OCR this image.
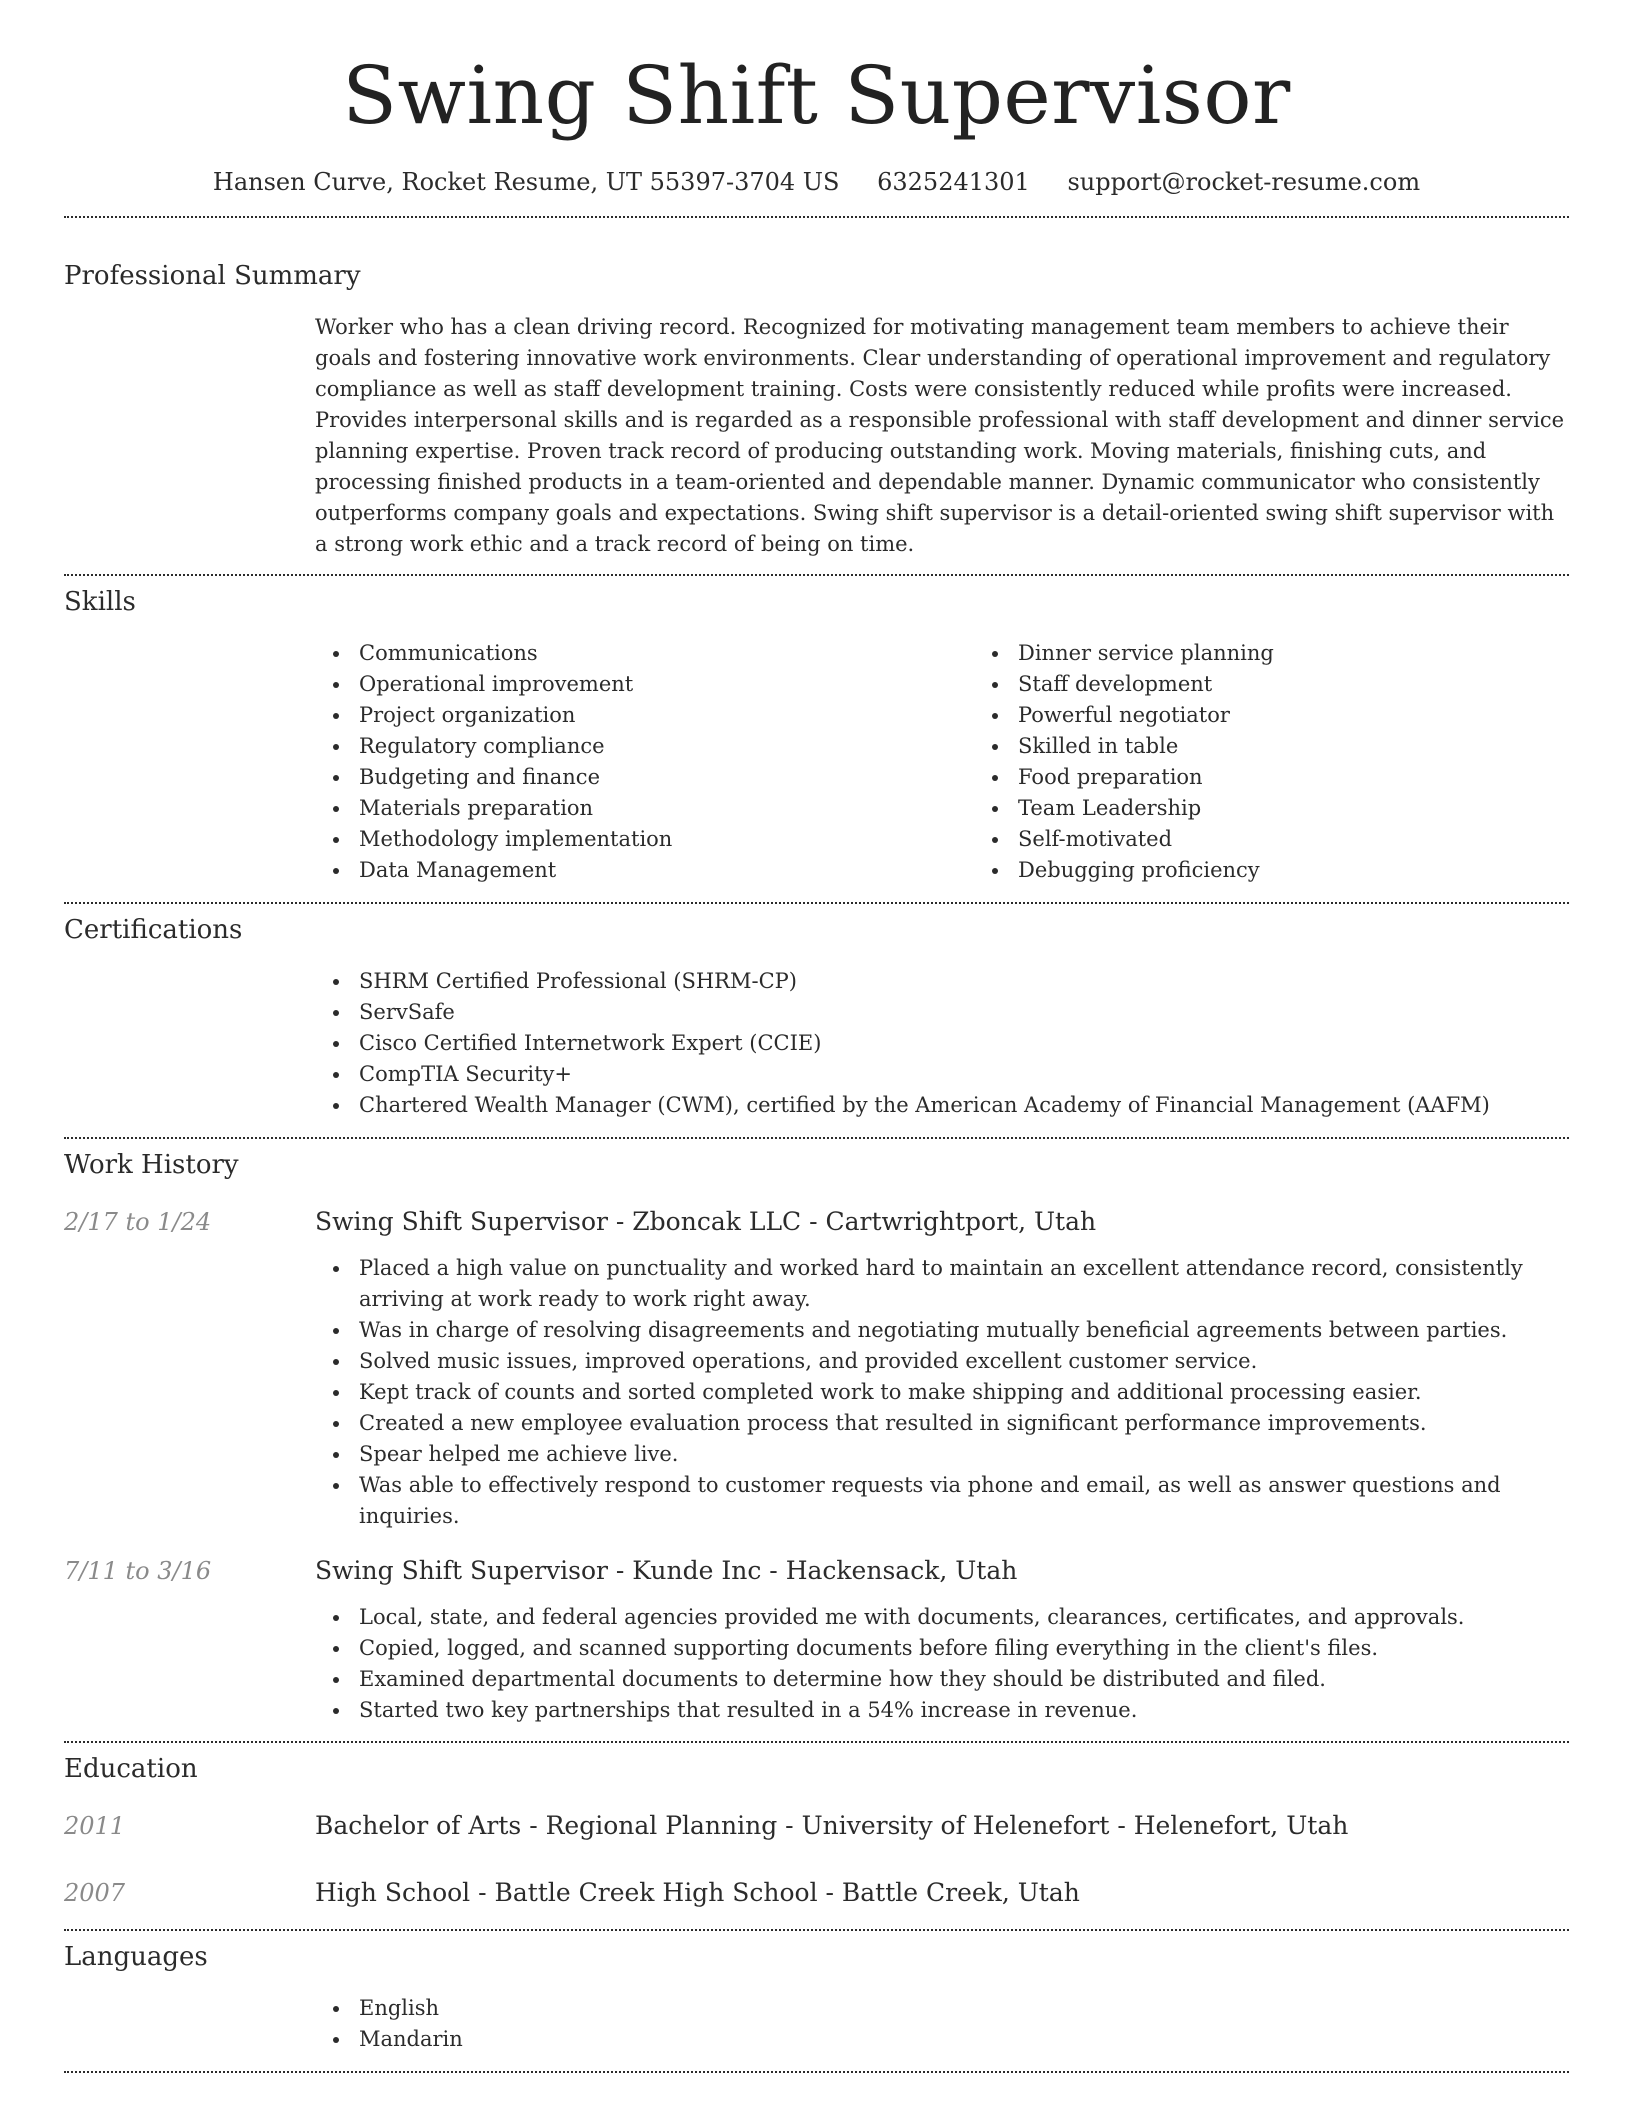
Swing Shift Supervisor
Hansen Curve, Rocket Resume, UT 55397-3704 US 6325241301 support@rocket-resume.com
Professional Summary

Worker who has a clean driving record. Recognized for motivating management team members to achieve their goals and fostering innovative work environments. Clear understanding of operational improvement and regulatory compliance as well as staff development training. Costs were consistently reduced while profits were increased. Provides interpersonal skills and is regarded as a responsible professional with staff development and dinner service planning expertise. Proven track record of producing outstanding work. Moving materials, finishing cuts, and processing finished products in a team-oriented and dependable manner. Dynamic communicator who consistently outperforms company goals and expectations. Swing shift supervisor is a detail-oriented swing shift supervisor with a strong work ethic and a track record of being on time.

Skills
Communications
Operational improvement
Project organization
Regulatory compliance
Budgeting and finance
Materials preparation
Methodology implementation
Data Management
Dinner service planning
Staff development
Powerful negotiator
Skilled in table
Food preparation
Team Leadership
Self-motivated
Debugging proficiency
Certifications
SHRM Certified Professional (SHRM-CP)
ServSafe
Cisco Certified Internetwork Expert (CCIE)
CompTIA Security+
Chartered Wealth Manager (CWM), certified by the American Academy of Financial Management (AAFM)
Work History
2/17 to 1/24	Swing Shift Supervisor - Zboncak LLC - Cartwrightport, Utah
Placed a high value on punctuality and worked hard to maintain an excellent attendance record, consistently arriving at work ready to work right away.
Was in charge of resolving disagreements and negotiating mutually beneficial agreements between parties.
Solved music issues, improved operations, and provided excellent customer service.
Kept track of counts and sorted completed work to make shipping and additional processing easier.
Created a new employee evaluation process that resulted in significant performance improvements.
Spear helped me achieve live.
Was able to effectively respond to customer requests via phone and email, as well as answer questions and inquiries.
7/11 to 3/16	Swing Shift Supervisor - Kunde Inc - Hackensack, Utah
Local, state, and federal agencies provided me with documents, clearances, certificates, and approvals.
Copied, logged, and scanned supporting documents before filing everything in the client's files.
Examined departmental documents to determine how they should be distributed and filed.
Started two key partnerships that resulted in a 54% increase in revenue.
Education
2011	Bachelor of Arts - Regional Planning - University of Helenefort - Helenefort, Utah
2007	High School - Battle Creek High School - Battle Creek, Utah
Languages
English
Mandarin
